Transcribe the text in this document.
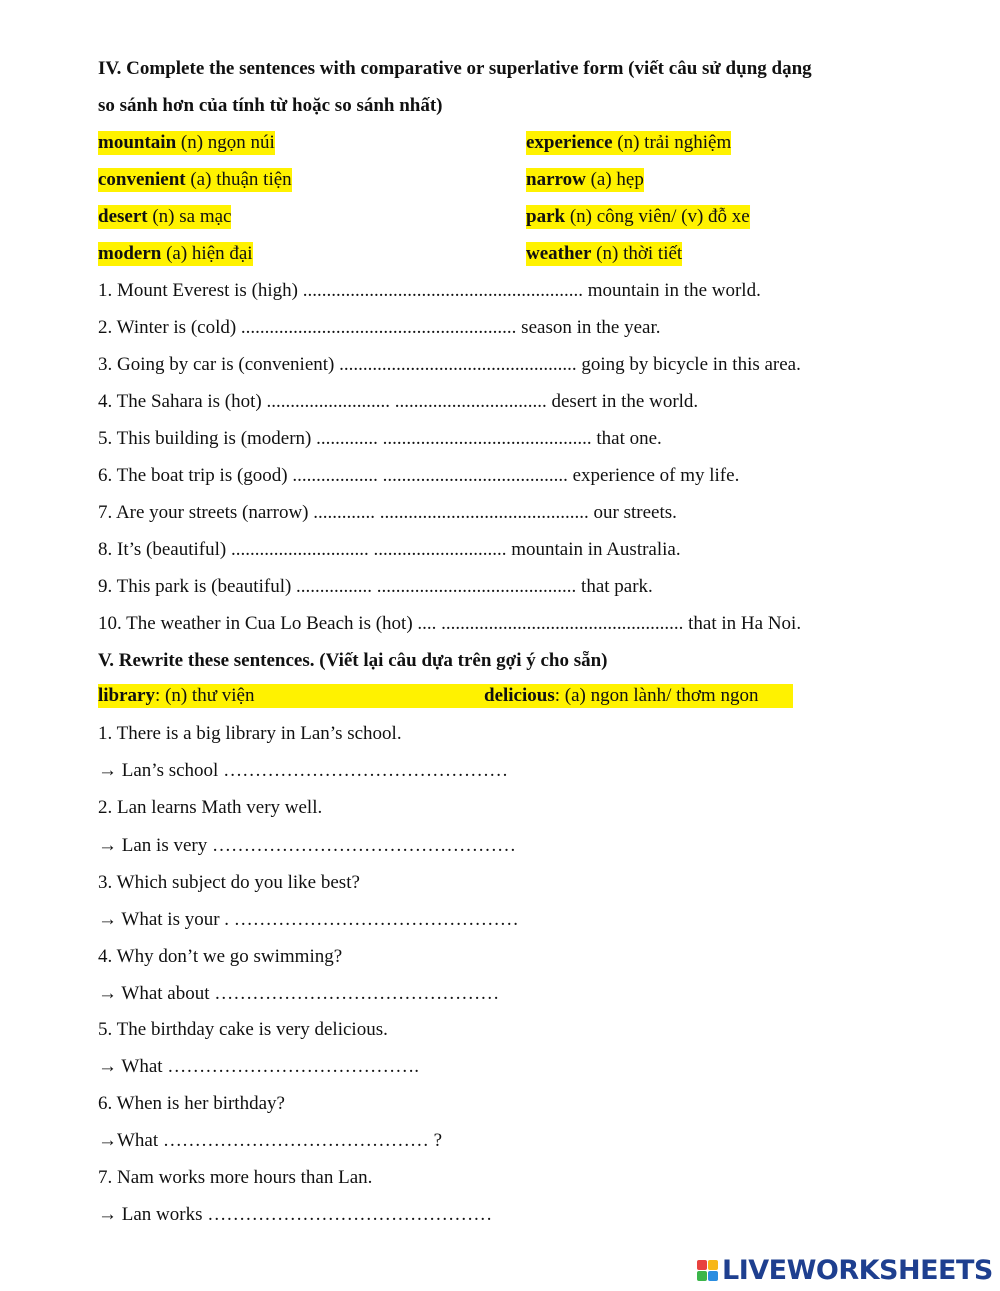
IV. Complete the sentences with comparative or superlative form (viết câu sử dụng dạng
so sánh hơn của tính từ hoặc so sánh nhất)
mountain (n) ngọn núi	experience (n) trải nghiệm
convenient (a) thuận tiện	narrow (a) hẹp
desert (n) sa mạc	park (n) công viên/ (v) đỗ xe
modern (a) hiện đại	weather (n) thời tiết
1. Mount Everest is (high) ........................................................... mountain in the world.
2. Winter is (cold) .......................................................... season in the year.
3. Going by car is (convenient) .................................................. going by bicycle in this area.
4. The Sahara is (hot) .......................... ................................ desert in the world.
5. This building is (modern) ............. ............................................ that one.
6. The boat trip is (good) .................. ....................................... experience of my life.
7. Are your streets (narrow) ............. ............................................ our streets.
8. It’s (beautiful) ............................. ............................ mountain in Australia.
9. This park is (beautiful) ................ .......................................... that park.
10. The weather in Cua Lo Beach is (hot) .... ................................................... that in Ha Noi.
V. Rewrite these sentences. (Viết lại câu dựa trên gợi ý cho sẵn)
library : (n) thư viện	delicious : (a) ngon lành/ thơm ngon
1. There is a big library in Lan’s school.
→ Lan’s school ………………………………………
2. Lan learns Math very well.
→ Lan is very …………………………………………
3. Which subject do you like best?
→ What is your . ………………………………………
4. Why don’t we go swimming?
→ What about ………………………………………
5. The birthday cake is very delicious.
→ What ………………………………….
6. When is her birthday?
→What …………………………………… ?
7. Nam works more hours than Lan.
→ Lan works ………………………………………
LIVEWORKSHEETS
